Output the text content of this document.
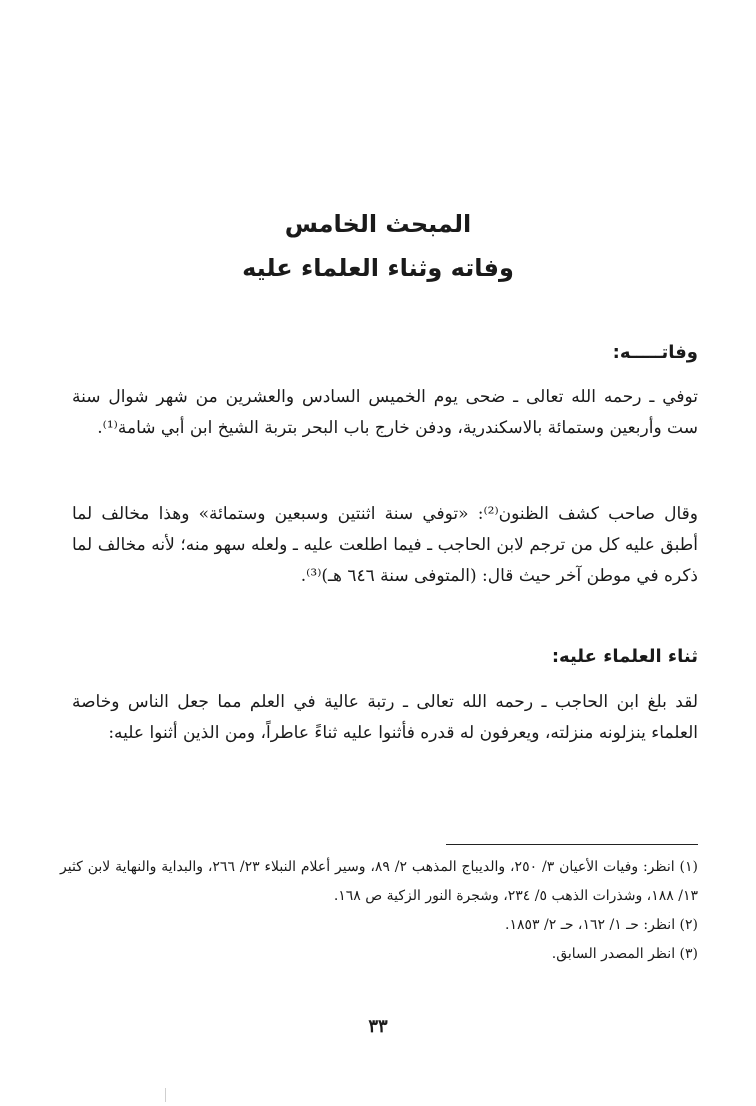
المبحث الخامس
وفاته وثناء العلماء عليه
وفاتـــــه:

توفي ـ رحمه الله تعالى ـ ضحى يوم الخميس السادس والعشرين من شهر شوال سنة ست وأربعين وستمائة بالاسكندرية، ودفن خارج باب البحر بتربة الشيخ ابن أبي شامة⁽¹⁾.

وقال صاحب كشف الظنون⁽²⁾: «توفي سنة اثنتين وسبعين وستمائة» وهذا مخالف لما أطبق عليه كل من ترجم لابن الحاجب ـ فيما اطلعت عليه ـ ولعله سهو منه؛ لأنه مخالف لما ذكره في موطن آخر حيث قال: (المتوفى سنة ٦٤٦ هـ)⁽³⁾.

ثناء العلماء عليه:

لقد بلغ ابن الحاجب ـ رحمه الله تعالى ـ رتبة عالية في العلم مما جعل الناس وخاصة العلماء ينزلونه منزلته، ويعرفون له قدره فأثنوا عليه ثناءً عاطراً، ومن الذين أثنوا عليه:

(١) انظر: وفيات الأعيان ٣/ ٢٥٠، والديباج المذهب ٢/ ٨٩، وسير أعلام النبلاء ٢٣/ ٢٦٦، والبداية والنهاية لابن كثير ١٣/ ١٨٨، وشذرات الذهب ٥/ ٢٣٤، وشجرة النور الزكية ص ١٦٨.
(٢) انظر: حـ ١/ ١٦٢، حـ ٢/ ١٨٥٣.
(٣) انظر المصدر السابق.
٣٣
